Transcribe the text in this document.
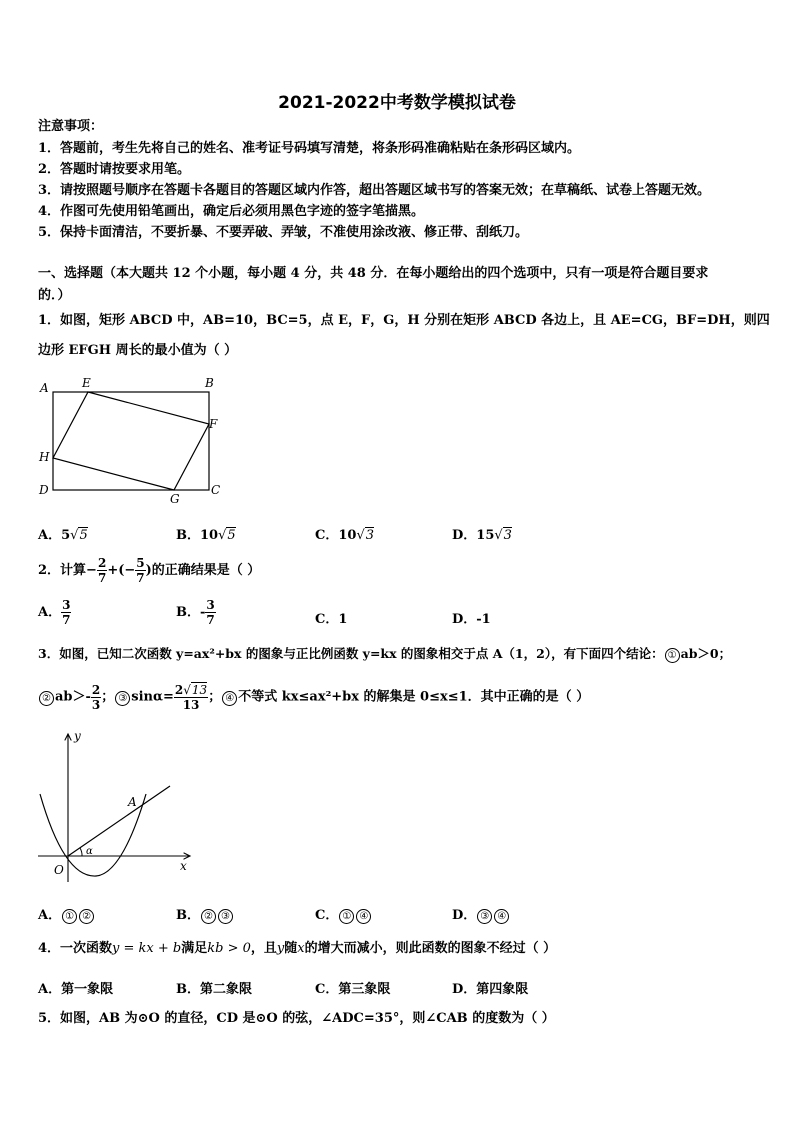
2021-2022中考数学模拟试卷
注意事项：
1．答题前，考生先将自己的姓名、准考证号码填写清楚，将条形码准确粘贴在条形码区域内。
2．答题时请按要求用笔。
3．请按照题号顺序在答题卡各题目的答题区域内作答，超出答题区域书写的答案无效；在草稿纸、试卷上答题无效。
4．作图可先使用铅笔画出，确定后必须用黑色字迹的签字笔描黑。
5．保持卡面清洁，不要折暴、不要弄破、弄皱，不准使用涂改液、修正带、刮纸刀。
一、选择题（本大题共 12 个小题，每小题 4 分，共 48 分．在每小题给出的四个选项中，只有一项是符合题目要求
的．）
1．如图，矩形 ABCD 中，AB=10，BC=5，点 E，F，G，H 分别在矩形 ABCD 各边上，且 AE=CG，BF=DH，则四
边形 EFGH 周长的最小值为（ ）
A	E	B
F
H
D
G
C
A．5√5	B．10√5	C．10√3	D．15√3
2．计算− $\frac{2}{7}$ +(− $\frac{5}{7}$ )的正确结果是（ ）
A． $\frac{3}{7}$	B．- $\frac{3}{7}$	C．1	D．-1
3．如图，已知二次函数 y=ax²+bx 的图象与正比例函数 y=kx 的图象相交于点 A（1，2），有下面四个结论： ① ab＞0；
② $ab>- \frac{2}{3}$ ； ③ $\sin\alpha= \frac{2√13}{13}$ ； ④ 不等式 kx≤ax²+bx 的解集是 0≤x≤1．其中正确的是（ ）
y
x
O
A
α
A． ① ②	B． ② ③	C． ① ④	D． ③ ④
4．一次函数y = kx + b满足kb > 0，且y随x的增大而减小，则此函数的图象不经过（ ）
A．第一象限	B．第二象限	C．第三象限	D．第四象限
5．如图，AB 为⊙O 的直径，CD 是⊙O 的弦，∠ADC=35°，则∠CAB 的度数为（ ）
